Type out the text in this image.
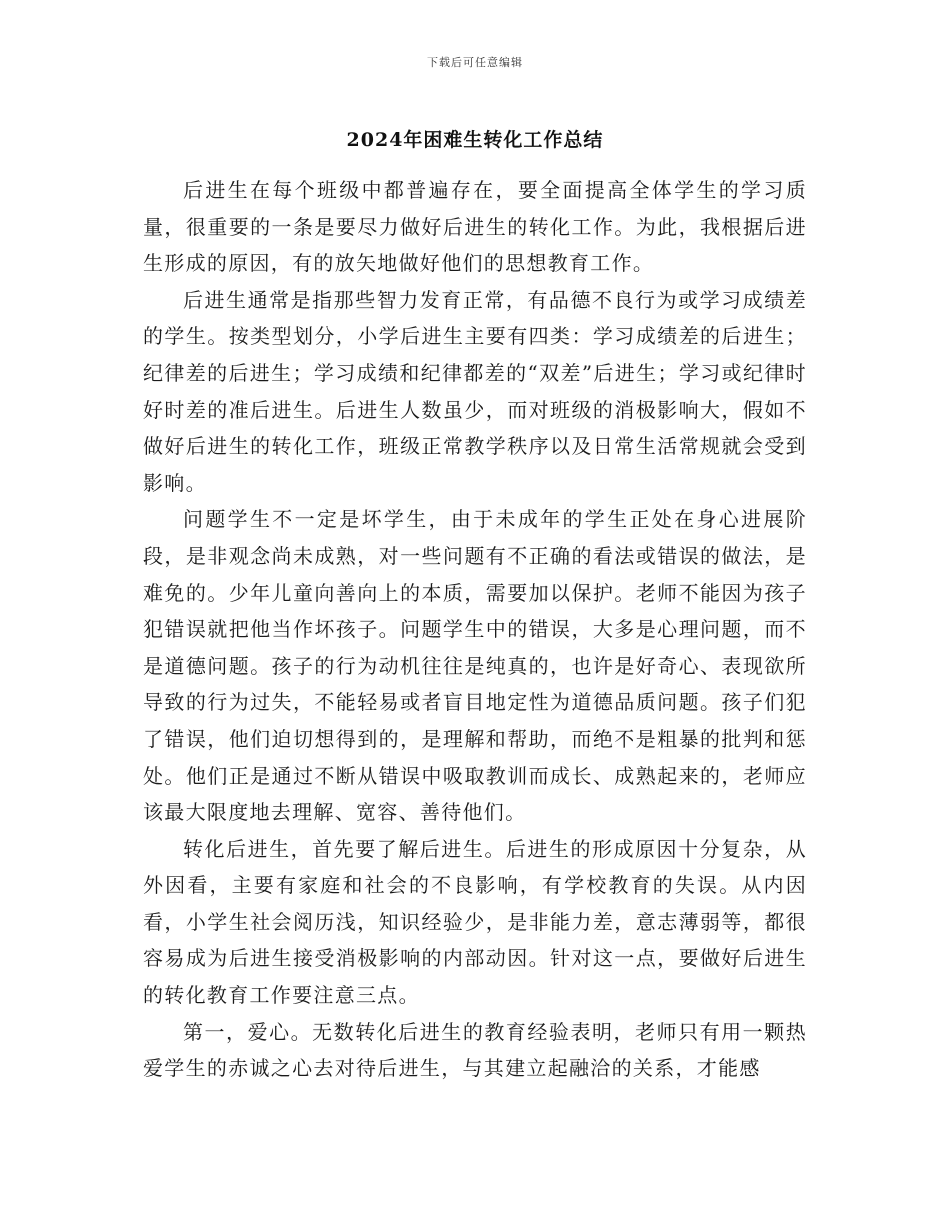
下载后可任意编辑
2024年困难生转化工作总结

后进生在每个班级中都普遍存在，要全面提高全体学生的学习质量，很重要的一条是要尽力做好后进生的转化工作。为此，我根据后进生形成的原因，有的放矢地做好他们的思想教育工作。

后进生通常是指那些智力发育正常，有品德不良行为或学习成绩差的学生。按类型划分，小学后进生主要有四类：学习成绩差的后进生；纪律差的后进生；学习成绩和纪律都差的“双差”后进生；学习或纪律时好时差的准后进生。后进生人数虽少，而对班级的消极影响大，假如不做好后进生的转化工作，班级正常教学秩序以及日常生活常规就会受到影响。

问题学生不一定是坏学生，由于未成年的学生正处在身心进展阶段，是非观念尚未成熟，对一些问题有不正确的看法或错误的做法，是难免的。少年儿童向善向上的本质，需要加以保护。老师不能因为孩子犯错误就把他当作坏孩子。问题学生中的错误，大多是心理问题，而不是道德问题。孩子的行为动机往往是纯真的，也许是好奇心、表现欲所导致的行为过失，不能轻易或者盲目地定性为道德品质问题。孩子们犯了错误，他们迫切想得到的，是理解和帮助，而绝不是粗暴的批判和惩处。他们正是通过不断从错误中吸取教训而成长、成熟起来的，老师应该最大限度地去理解、宽容、善待他们。

转化后进生，首先要了解后进生。后进生的形成原因十分复杂，从外因看，主要有家庭和社会的不良影响，有学校教育的失误。从内因看，小学生社会阅历浅，知识经验少，是非能力差，意志薄弱等，都很容易成为后进生接受消极影响的内部动因。针对这一点，要做好后进生的转化教育工作要注意三点。

第一，爱心。无数转化后进生的教育经验表明，老师只有用一颗热爱学生的赤诚之心去对待后进生，与其建立起融洽的关系，才能感
